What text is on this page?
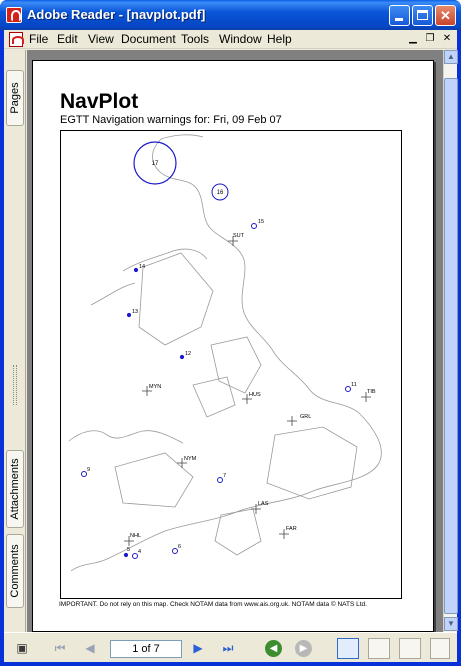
Adobe Reader - [navplot.pdf]	✕
File Edit View Document Tools Window Help	▁ ❐ ✕
Pages
Attachments
Comments
NavPlot
EGTT Navigation warnings for: Fri, 09 Feb 07
SUT
MYN
HUS
GRL
TIB
NYM
NHL
LAS
FAR
17
16
15
14
13
12
11
9
7
6
5 4
IMPORTANT. Do not rely on this map. Check NOTAM data from www.ais.org.uk. NOTAM data © NATS Ltd.
▲
▼
▣	⏮	◀	1 of 7	▶	⏭	◀	▶
